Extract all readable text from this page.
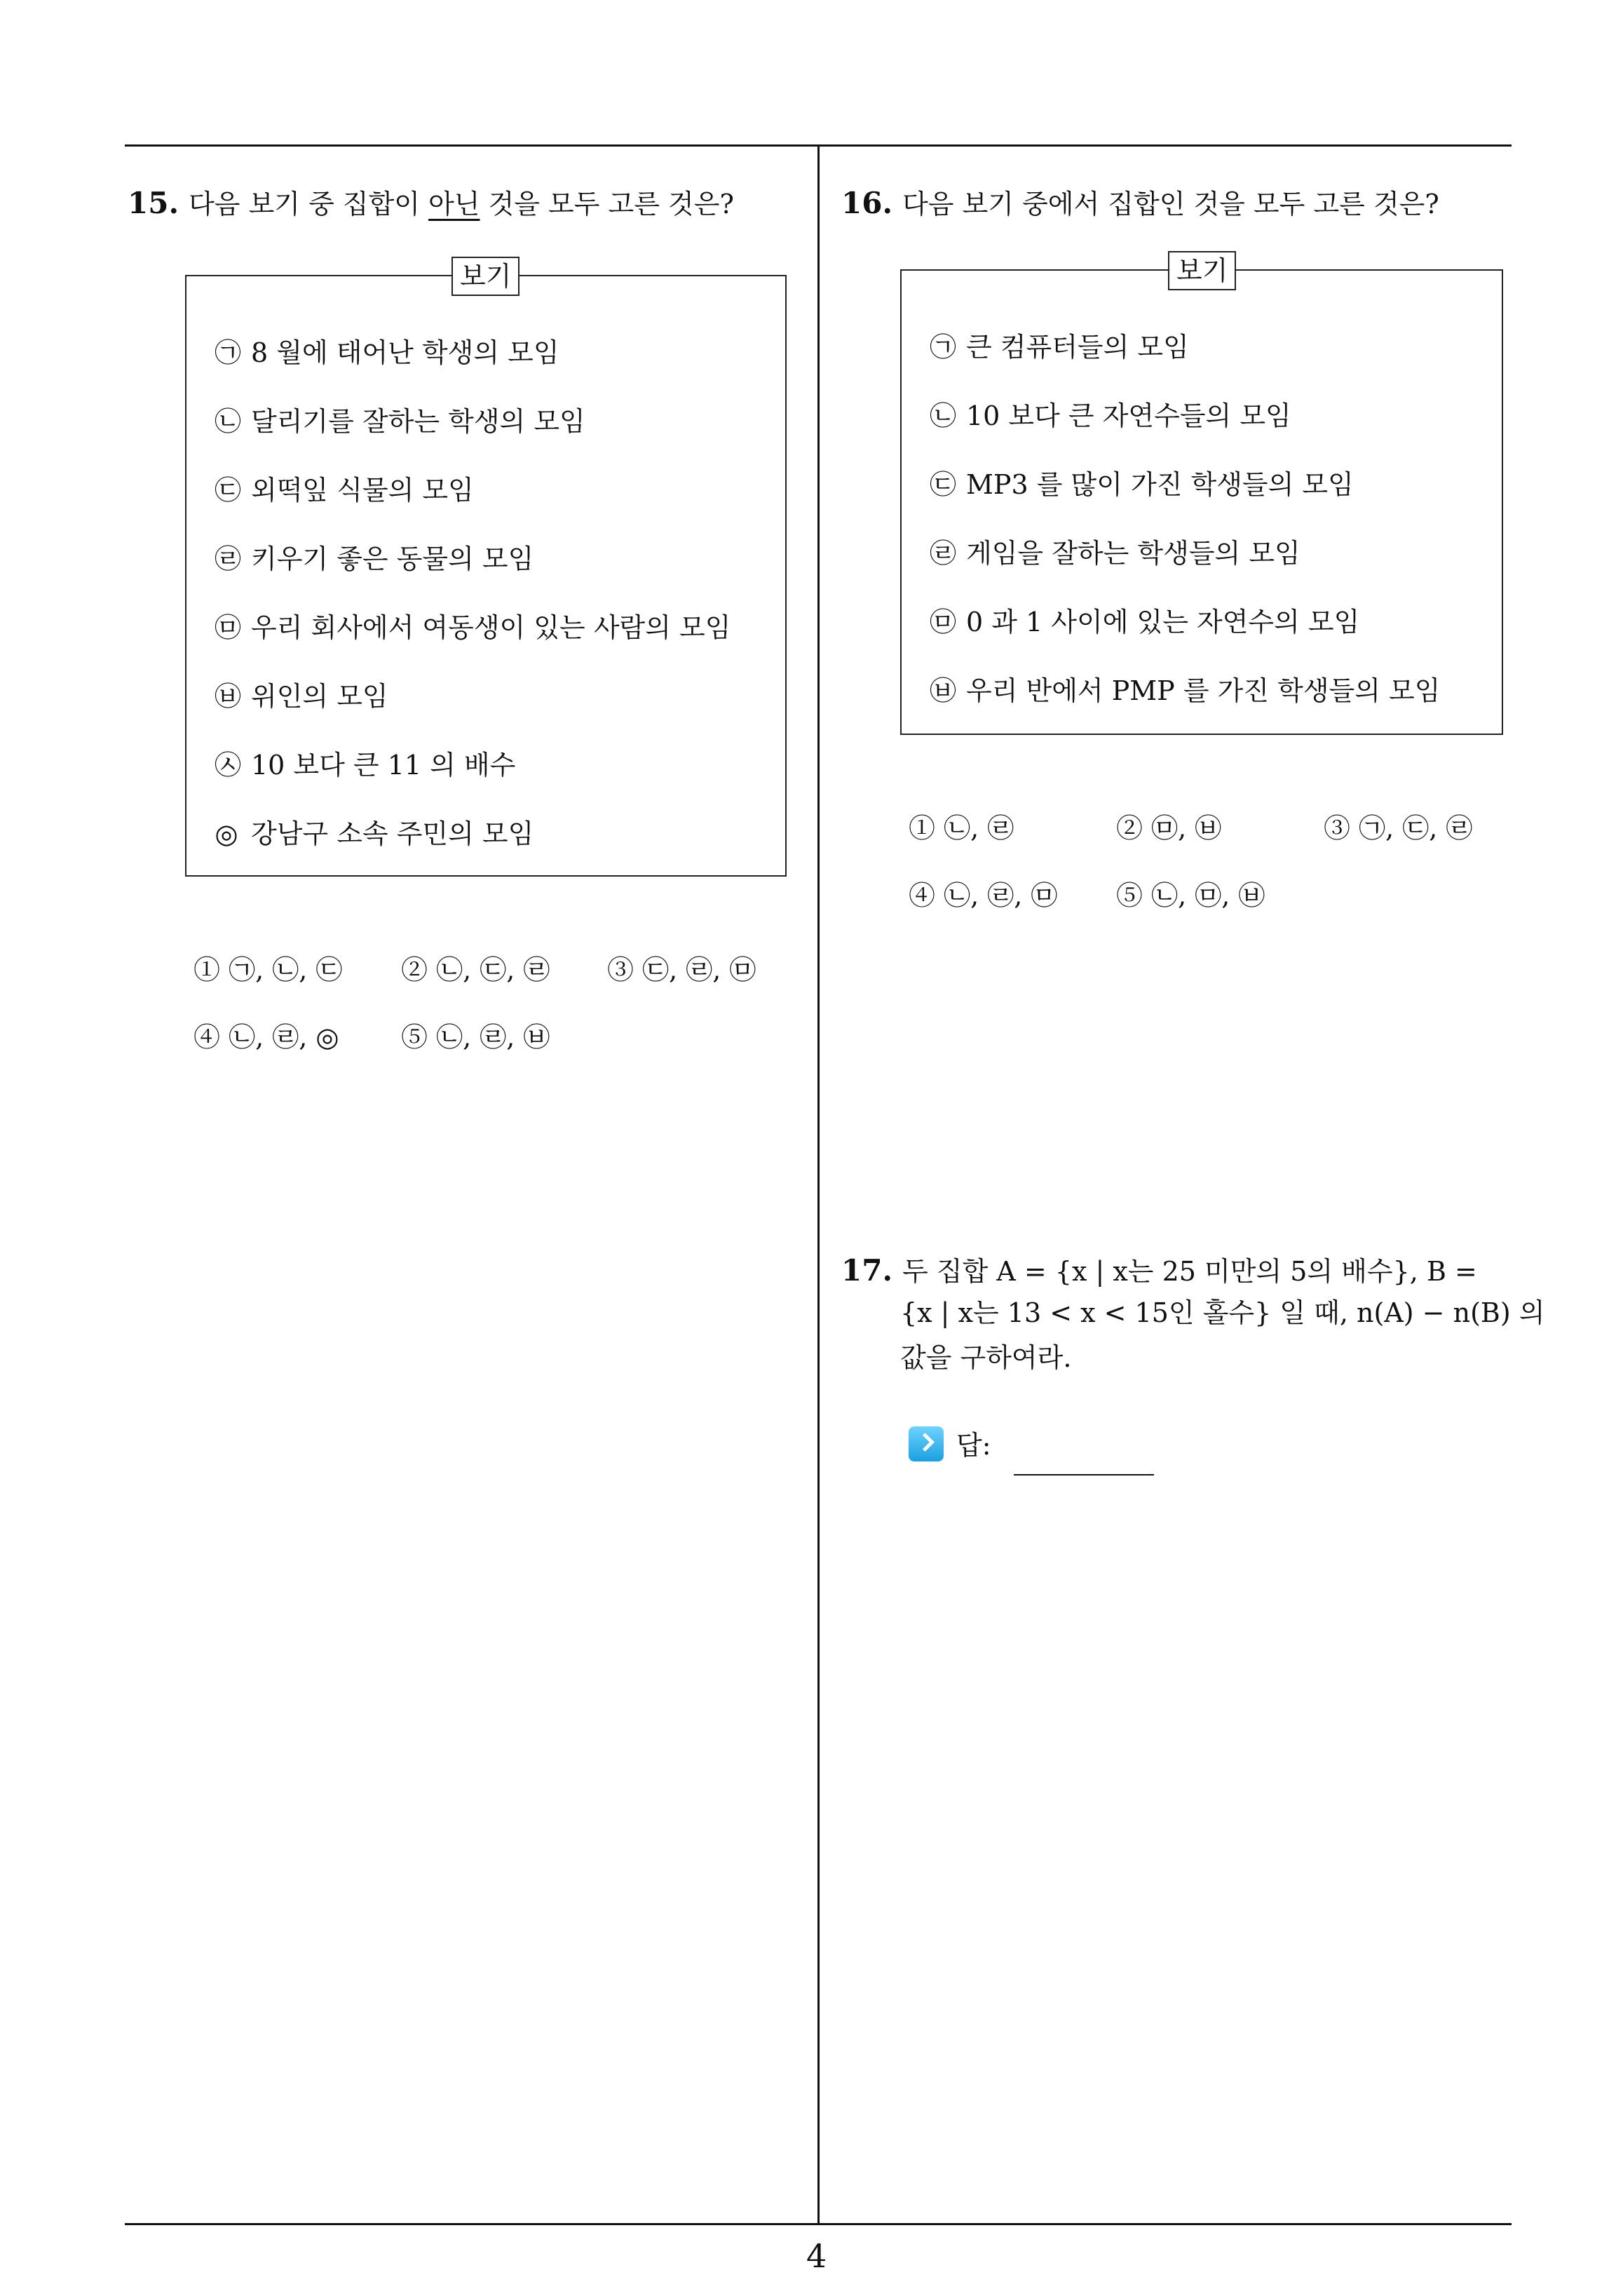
15. 다음 보기 중 집합이 아닌 것을 모두 고른 것은?
보기
㉠ 8 월에 태어난 학생의 모임
㉡ 달리기를 잘하는 학생의 모임
㉢ 외떡잎 식물의 모임
㉣ 키우기 좋은 동물의 모임
㉤ 우리 회사에서 여동생이 있는 사람의 모임
㉥ 위인의 모임
㉦ 10 보다 큰 11 의 배수
◎ 강남구 소속 주민의 모임
① ㉠, ㉡, ㉢ ② ㉡, ㉢, ㉣ ③ ㉢, ㉣, ㉤
④ ㉡, ㉣, ◎ ⑤ ㉡, ㉣, ㉥
16. 다음 보기 중에서 집합인 것을 모두 고른 것은?
보기
㉠ 큰 컴퓨터들의 모임
㉡ 10 보다 큰 자연수들의 모임
㉢ MP3 를 많이 가진 학생들의 모임
㉣ 게임을 잘하는 학생들의 모임
㉤ 0 과 1 사이에 있는 자연수의 모임
㉥ 우리 반에서 PMP 를 가진 학생들의 모임
① ㉡, ㉣	② ㉤, ㉥	③ ㉠, ㉢, ㉣
④ ㉡, ㉣, ㉤ ⑤ ㉡, ㉤, ㉥
17. 두 집합 A = {x | x는 25 미만의 5의 배수}, B =
{x | x는 13 < x < 15인 홀수} 일 때, n(A) − n(B) 의
값을 구하여라.
답:
4
